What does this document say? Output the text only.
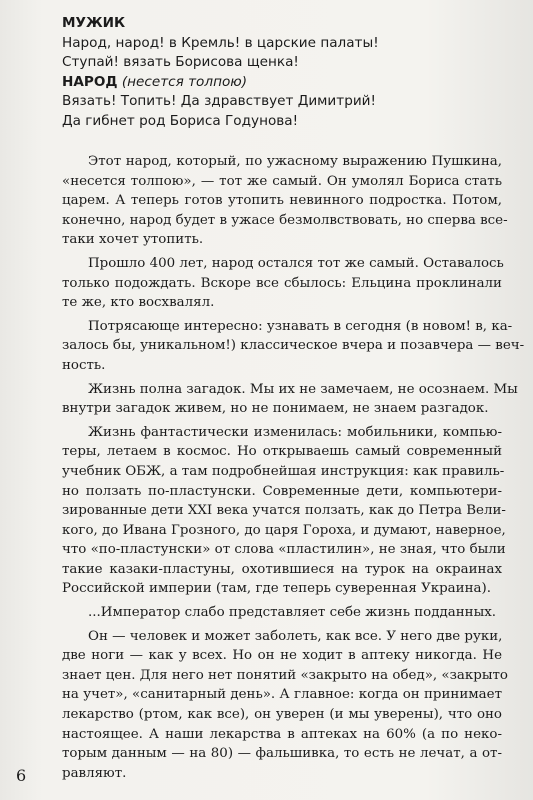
МУЖИК
Народ, народ! в Кремль! в царские палаты!
Ступай! вязать Борисова щенка!
НАРОД (несется толпою)
Вязать! Топить! Да здравствует Димитрий!
Да гибнет род Бориса Годунова!

Этот народ, который, по ужасному выражению Пушкина,
«несется толпою», — тот же самый. Он умолял Бориса стать
царем. А теперь готов утопить невинного подростка. Потом,
конечно, народ будет в ужасе безмолвствовать, но сперва все-
таки хочет утопить.

Прошло 400 лет, народ остался тот же самый. Оставалось
только подождать. Вскоре все сбылось: Ельцина проклинали
те же, кто восхвалял.

Потрясающе интересно: узнавать в сегодня (в новом! в, ка-
залось бы, уникальном!) классическое вчера и позавчера — веч-
ность.

Жизнь полна загадок. Мы их не замечаем, не осознаем. Мы
внутри загадок живем, но не понимаем, не знаем разгадок.

Жизнь фантастически изменилась: мобильники, компью-
теры, летаем в космос. Но открываешь самый современный
учебник ОБЖ, а там подробнейшая инструкция: как правиль-
но ползать по-пластунски. Современные дети, компьютери-
зированные дети XXI века учатся ползать, как до Петра Вели-
кого, до Ивана Грозного, до царя Гороха, и думают, наверное,
что «по-пластунски» от слова «пластилин», не зная, что были
такие казаки-пластуны, охотившиеся на турок на окраинах
Российской империи (там, где теперь суверенная Украина).

...Император слабо представляет себе жизнь подданных.

Он — человек и может заболеть, как все. У него две руки,
две ноги — как у всех. Но он не ходит в аптеку никогда. Не
знает цен. Для него нет понятий «закрыто на обед», «закрыто
на учет», «санитарный день». А главное: когда он принимает
лекарство (ртом, как все), он уверен (и мы уверены), что оно
настоящее. А наши лекарства в аптеках на 60% (а по неко-
торым данным — на 80) — фальшивка, то есть не лечат, а от-
равляют.

6
